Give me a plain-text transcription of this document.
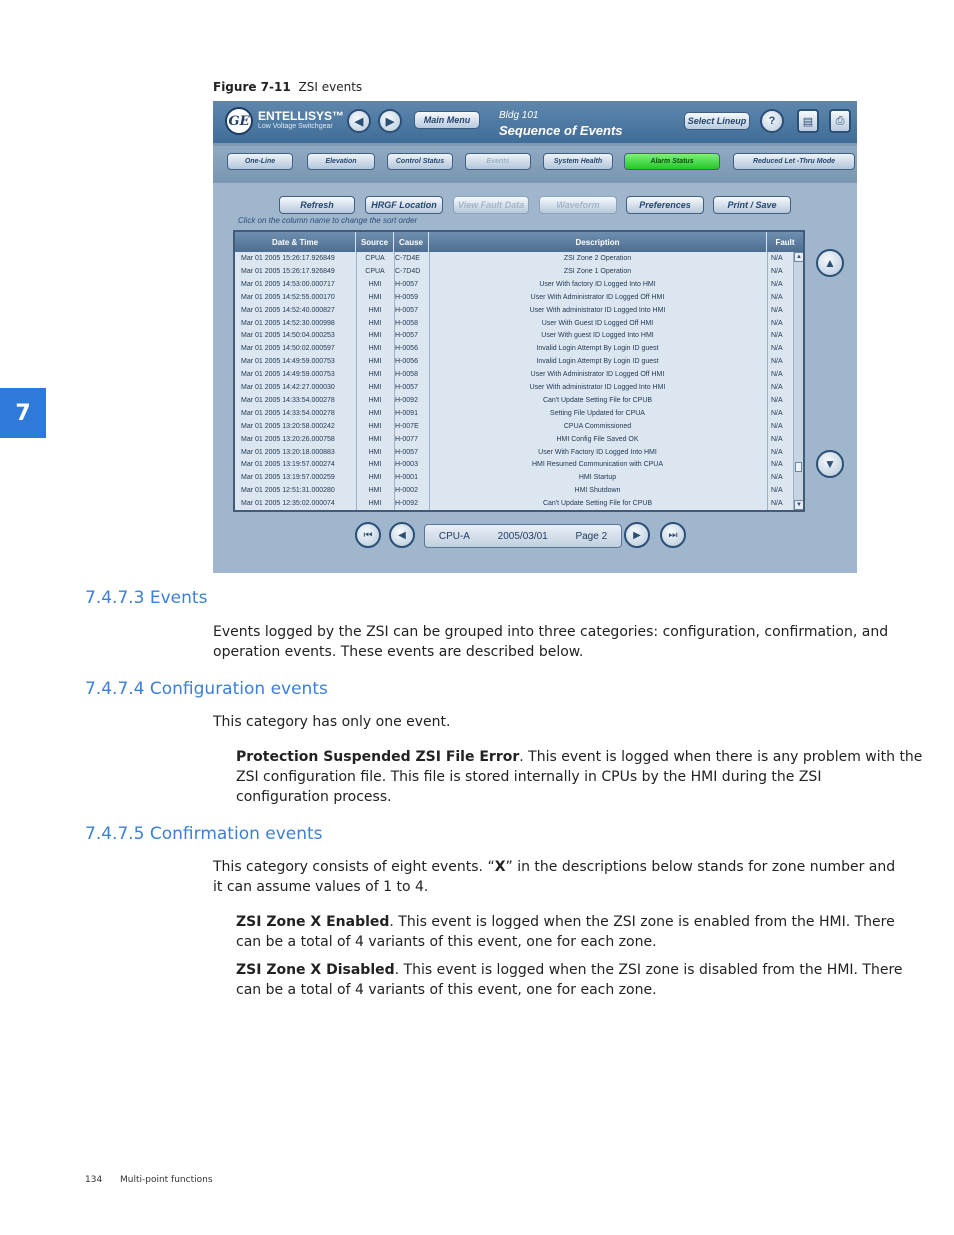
7
Figure 7-11 ZSI events
GE ENTELLISYS™
Low Voltage Switchgear ◀ ▶	Main Menu	Bldg 101
Sequence of Events
Select Lineup	? ▤ ⎙
One-Line	Elevation	Control Status	Events	System Health	Alarm Status	Reduced Let -Thru Mode
Refresh	HRGF Location	View Fault Data	Waveform	Preferences	Print / Save
Click on the column name to change the sort order
Date & Time	Source	Cause	Description	Fault
Mar 01 2005 15:26:17.926849	CPUA	C-7D4E	ZSI Zone 2 Operation	N/A
Mar 01 2005 15:26:17.926849	CPUA	C-7D4D	ZSI Zone 1 Operation	N/A
Mar 01 2005 14:53:00.000717	HMI	H-0057	User With factory ID Logged Into HMI	N/A
Mar 01 2005 14:52:55.000170	HMI	H-0059	User With Administrator ID Logged Off HMI	N/A
Mar 01 2005 14:52:40.000827	HMI	H-0057	User With administrator ID Logged Into HMI	N/A
Mar 01 2005 14:52:30.000998	HMI	H-0058	User With Guest ID Logged Off HMI	N/A
Mar 01 2005 14:50:04.000253	HMI	H-0057	User With guest ID Logged Into HMI	N/A
Mar 01 2005 14:50:02.000597	HMI	H-0056	Invalid Login Attempt By Login ID guest	N/A
Mar 01 2005 14:49:59.000753	HMI	H-0056	Invalid Login Attempt By Login ID guest	N/A
Mar 01 2005 14:49:59.000753	HMI	H-0058	User With Administrator ID Logged Off HMI	N/A
Mar 01 2005 14:42:27.000030	HMI	H-0057	User With administrator ID Logged Into HMI	N/A
Mar 01 2005 14:33:54.000278	HMI	H-0092	Can't Update Setting File for CPUB	N/A
Mar 01 2005 14:33:54.000278	HMI	H-0091	Setting File Updated for CPUA	N/A
Mar 01 2005 13:20:58.000242	HMI	H-007E	CPUA Commissioned	N/A
Mar 01 2005 13:20:26.000758	HMI	H-0077	HMI Config File Saved OK	N/A
Mar 01 2005 13:20:18.000883	HMI	H-0057	User With Factory ID Logged Into HMI	N/A
Mar 01 2005 13:19:57.000274	HMI	H-0003	HMI Resumed Communication with CPUA	N/A
Mar 01 2005 13:19:57.000259	HMI	H-0001	HMI Startup	N/A
Mar 01 2005 12:51:31.000280	HMI	H-0002	HMI Shutdown	N/A
Mar 01 2005 12:35:02.000074	HMI	H-0092	Can't Update Setting File for CPUB	N/A
▲
▼
▲
▼
⏮	◀	CPU-A	2005/03/01	Page 2	▶	⏭
7.4.7.3 Events
Events logged by the ZSI can be grouped into three categories: configuration, confirmation, and
operation events. These events are described below.
7.4.7.4 Configuration events
This category has only one event.
Protection Suspended ZSI File Error. This event is logged when there is any problem with the
ZSI configuration file. This file is stored internally in CPUs by the HMI during the ZSI
configuration process.
7.4.7.5 Confirmation events
This category consists of eight events. “X” in the descriptions below stands for zone number and
it can assume values of 1 to 4.
ZSI Zone X Enabled. This event is logged when the ZSI zone is enabled from the HMI. There
can be a total of 4 variants of this event, one for each zone.
ZSI Zone X Disabled. This event is logged when the ZSI zone is disabled from the HMI. There
can be a total of 4 variants of this event, one for each zone.
134 Multi-point functions
